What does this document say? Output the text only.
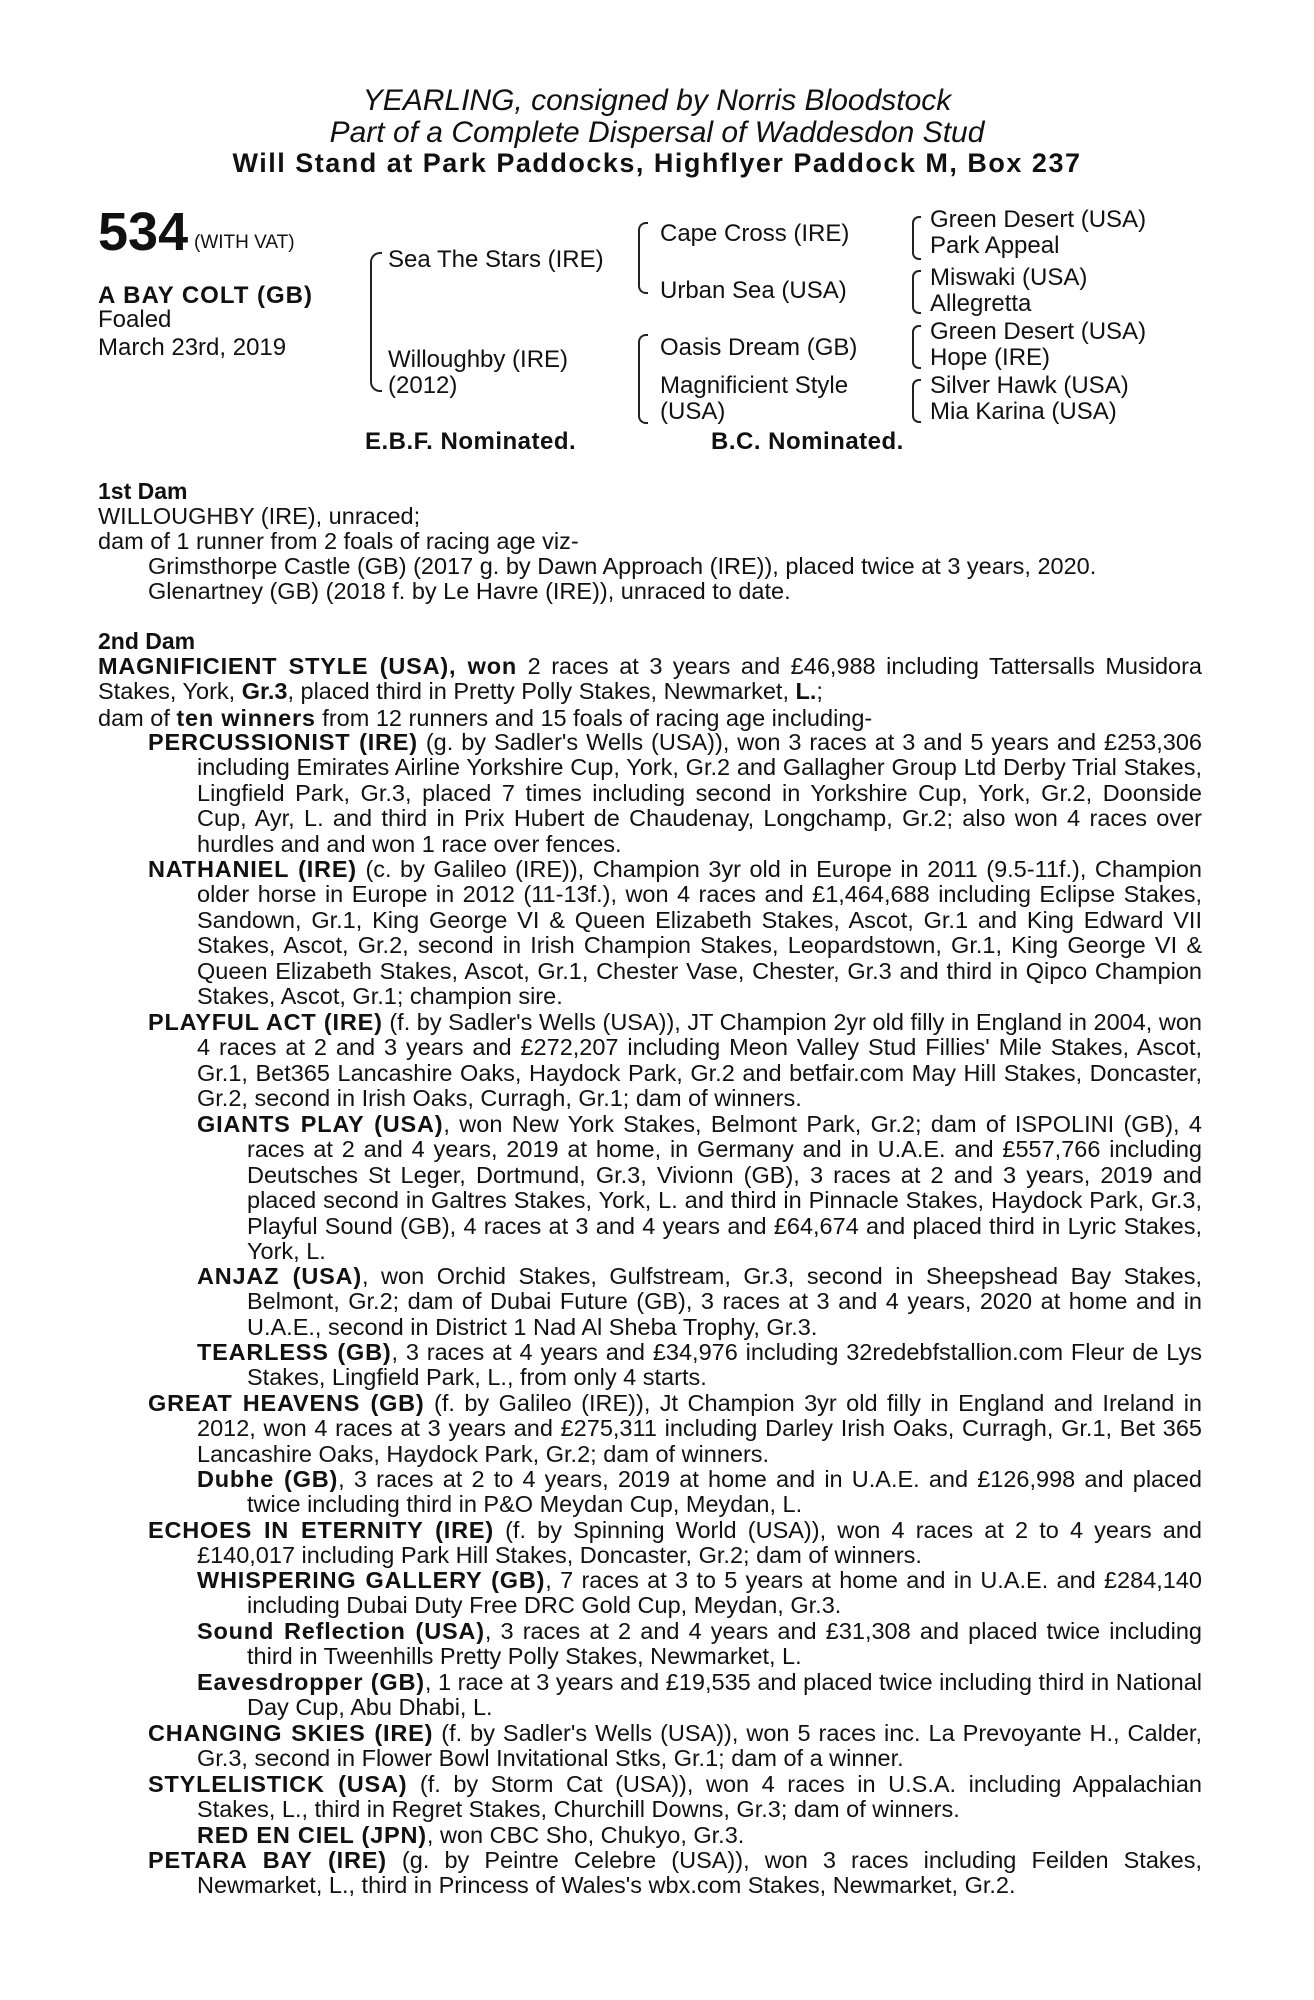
YEARLING, consigned by Norris Bloodstock
Part of a Complete Dispersal of Waddesdon Stud
Will Stand at Park Paddocks, Highflyer Paddock M, Box 237
534 (WITH VAT)
A BAY COLT (GB)
Foaled
March 23rd, 2019
Sea The Stars (IRE)
Willoughby (IRE)
(2012)
Cape Cross (IRE)
Urban Sea (USA)
Oasis Dream (GB)
Magnificient Style
(USA)
Green Desert (USA)
Park Appeal
Miswaki (USA)
Allegretta
Green Desert (USA)
Hope (IRE)
Silver Hawk (USA)
Mia Karina (USA)
E.B.F. Nominated.	B.C. Nominated.
1st Dam
WILLOUGHBY (IRE), unraced;
dam of 1 runner from 2 foals of racing age viz-
Grimsthorpe Castle (GB) (2017 g. by Dawn Approach (IRE)), placed twice at 3 years, 2020.
Glenartney (GB) (2018 f. by Le Havre (IRE)), unraced to date.
2nd Dam
MAGNIFICIENT STYLE (USA), won 2 races at 3 years and £46,988 including Tattersalls Musidora Stakes, York, Gr.3, placed third in Pretty Polly Stakes, Newmarket, L.;
dam of ten winners from 12 runners and 15 foals of racing age including-
PERCUSSIONIST (IRE) (g. by Sadler's Wells (USA)), won 3 races at 3 and 5 years and £253,306 including Emirates Airline Yorkshire Cup, York, Gr.2 and Gallagher Group Ltd Derby Trial Stakes, Lingfield Park, Gr.3, placed 7 times including second in Yorkshire Cup, York, Gr.2, Doonside Cup, Ayr, L. and third in Prix Hubert de Chaudenay, Longchamp, Gr.2; also won 4 races over hurdles and and won 1 race over fences.
NATHANIEL (IRE) (c. by Galileo (IRE)), Champion 3yr old in Europe in 2011 (9.5-11f.), Champion older horse in Europe in 2012 (11-13f.), won 4 races and £1,464,688 including Eclipse Stakes, Sandown, Gr.1, King George VI & Queen Elizabeth Stakes, Ascot, Gr.1 and King Edward VII Stakes, Ascot, Gr.2, second in Irish Champion Stakes, Leopardstown, Gr.1, King George VI & Queen Elizabeth Stakes, Ascot, Gr.1, Chester Vase, Chester, Gr.3 and third in Qipco Champion Stakes, Ascot, Gr.1; champion sire.
PLAYFUL ACT (IRE) (f. by Sadler's Wells (USA)), JT Champion 2yr old filly in England in 2004, won 4 races at 2 and 3 years and £272,207 including Meon Valley Stud Fillies' Mile Stakes, Ascot, Gr.1, Bet365 Lancashire Oaks, Haydock Park, Gr.2 and betfair.com May Hill Stakes, Doncaster, Gr.2, second in Irish Oaks, Curragh, Gr.1; dam of winners.
GIANTS PLAY (USA), won New York Stakes, Belmont Park, Gr.2; dam of ISPOLINI (GB), 4 races at 2 and 4 years, 2019 at home, in Germany and in U.A.E. and £557,766 including Deutsches St Leger, Dortmund, Gr.3, Vivionn (GB), 3 races at 2 and 3 years, 2019 and placed second in Galtres Stakes, York, L. and third in Pinnacle Stakes, Haydock Park, Gr.3, Playful Sound (GB), 4 races at 3 and 4 years and £64,674 and placed third in Lyric Stakes, York, L.
ANJAZ (USA), won Orchid Stakes, Gulfstream, Gr.3, second in Sheepshead Bay Stakes, Belmont, Gr.2; dam of Dubai Future (GB), 3 races at 3 and 4 years, 2020 at home and in U.A.E., second in District 1 Nad Al Sheba Trophy, Gr.3.
TEARLESS (GB), 3 races at 4 years and £34,976 including 32redebfstallion.com Fleur de Lys Stakes, Lingfield Park, L., from only 4 starts.
GREAT HEAVENS (GB) (f. by Galileo (IRE)), Jt Champion 3yr old filly in England and Ireland in 2012, won 4 races at 3 years and £275,311 including Darley Irish Oaks, Curragh, Gr.1, Bet 365 Lancashire Oaks, Haydock Park, Gr.2; dam of winners.
Dubhe (GB), 3 races at 2 to 4 years, 2019 at home and in U.A.E. and £126,998 and placed twice including third in P&O Meydan Cup, Meydan, L.
ECHOES IN ETERNITY (IRE) (f. by Spinning World (USA)), won 4 races at 2 to 4 years and £140,017 including Park Hill Stakes, Doncaster, Gr.2; dam of winners.
WHISPERING GALLERY (GB), 7 races at 3 to 5 years at home and in U.A.E. and £284,140 including Dubai Duty Free DRC Gold Cup, Meydan, Gr.3.
Sound Reflection (USA), 3 races at 2 and 4 years and £31,308 and placed twice including third in Tweenhills Pretty Polly Stakes, Newmarket, L.
Eavesdropper (GB), 1 race at 3 years and £19,535 and placed twice including third in National Day Cup, Abu Dhabi, L.
CHANGING SKIES (IRE) (f. by Sadler's Wells (USA)), won 5 races inc. La Prevoyante H., Calder, Gr.3, second in Flower Bowl Invitational Stks, Gr.1; dam of a winner.
STYLELISTICK (USA) (f. by Storm Cat (USA)), won 4 races in U.S.A. including Appalachian Stakes, L., third in Regret Stakes, Churchill Downs, Gr.3; dam of winners.
RED EN CIEL (JPN), won CBC Sho, Chukyo, Gr.3.
PETARA BAY (IRE) (g. by Peintre Celebre (USA)), won 3 races including Feilden Stakes, Newmarket, L., third in Princess of Wales's wbx.com Stakes, Newmarket, Gr.2.
